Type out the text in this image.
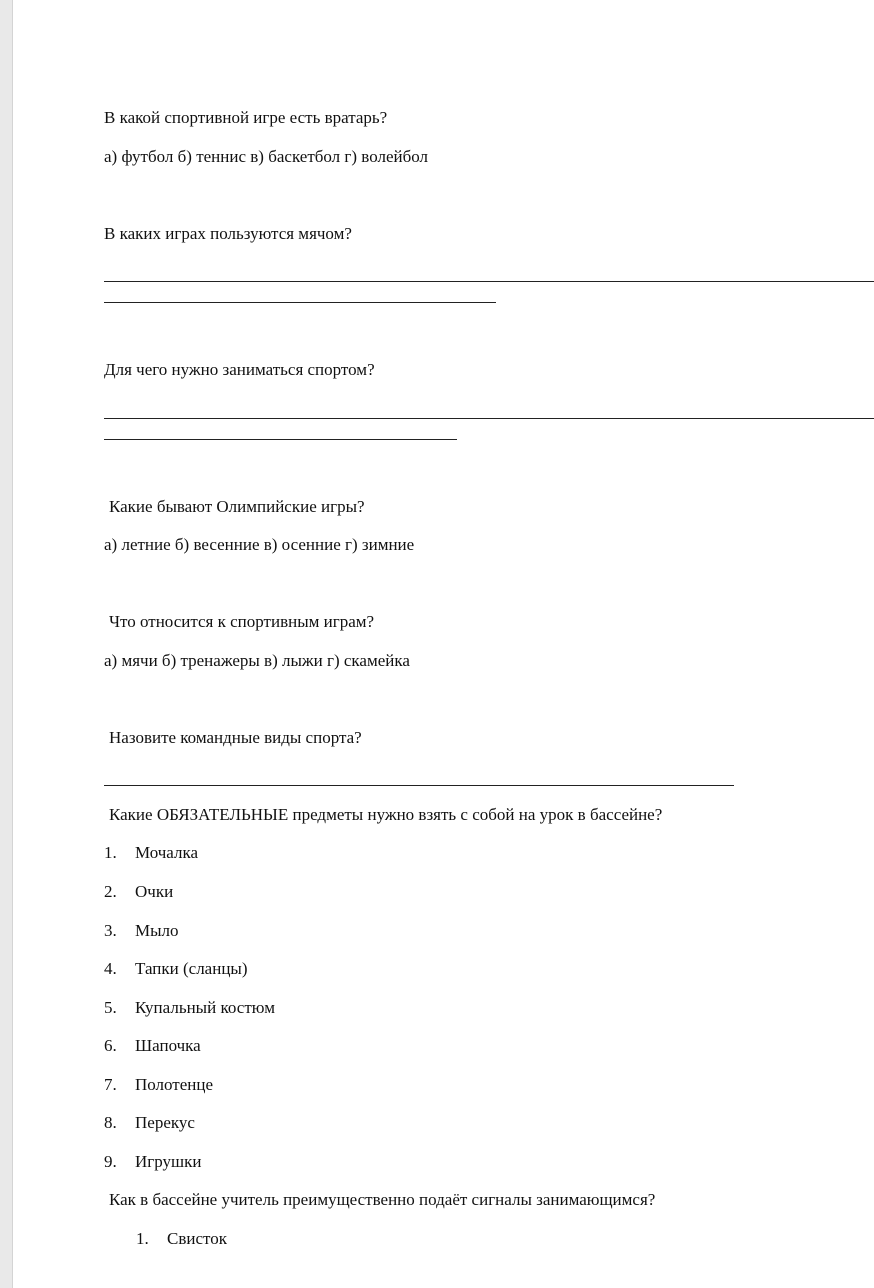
В какой спортивной игре есть вратарь?
а) футбол б) теннис в) баскетбол г) волейбол
В каких играх пользуются мячом?
Для чего нужно заниматься спортом?
Какие бывают Олимпийские игры?
а) летние б) весенние в) осенние г) зимние
Что относится к спортивным играм?
а) мячи б) тренажеры в) лыжи г) скамейка
Назовите командные виды спорта?
Какие ОБЯЗАТЕЛЬНЫЕ предметы нужно взять с собой на урок в бассейне?
1. Мочалка
2. Очки
3. Мыло
4. Тапки (сланцы)
5. Купальный костюм
6. Шапочка
7. Полотенце
8. Перекус
9. Игрушки
Как в бассейне учитель преимущественно подаёт сигналы занимающимся?
1. Свисток
